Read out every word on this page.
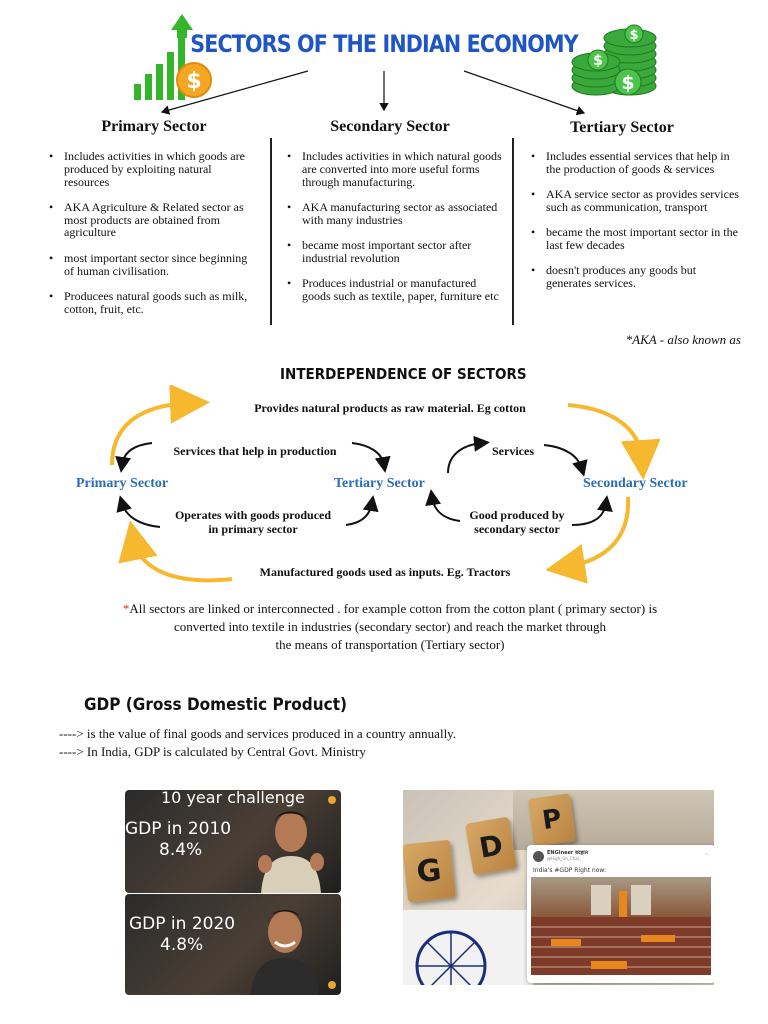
$
SECTORS OF THE INDIAN ECONOMY	$
$
$
Primary Sector	Secondary Sector	Tertiary Sector
• Includes activities in which goods are produced by exploiting natural resources
• AKA Agriculture & Related sector as most products are obtained from agriculture
• most important sector since beginning of human civilisation.
• Producees natural goods such as milk, cotton, fruit, etc.
• Includes activities in which natural goods are converted into more useful forms through manufacturing.
• AKA manufacturing sector as associated with many industries
• became most important sector after industrial revolution
• Produces industrial or manufactured goods such as textile, paper, furniture etc
• Includes essential services that help in the production of goods & services
• AKA service sector as provides services such as communication, transport
• became the most important sector in the last few decades
• doesn't produces any goods but generates services.
*AKA - also known as
INTERDEPENDENCE OF SECTORS
Provides natural products as raw material. Eg cotton
Services that help in production	Services
Primary Sector	Tertiary Sector	Secondary Sector
Operates with goods produced
in primary sector
Good produced by
secondary sector
Manufactured goods used as inputs. Eg. Tractors
*All sectors are linked or interconnected . for example cotton from the cotton plant ( primary sector) is
converted into textile in industries (secondary sector) and reach the market through
the means of transportation (Tertiary sector)
GDP (Gross Domestic Product)
----> is the value of final goods and services produced in a country annually.
----> In India, GDP is calculated by Central Govt. Ministry
10 year challenge
GDP in 2010
8.4%
GDP in 2020
4.8%
G
D
P
ENGIneer बदहाल
@High_On_Chai_
⌄
India's #GDP Right now:
